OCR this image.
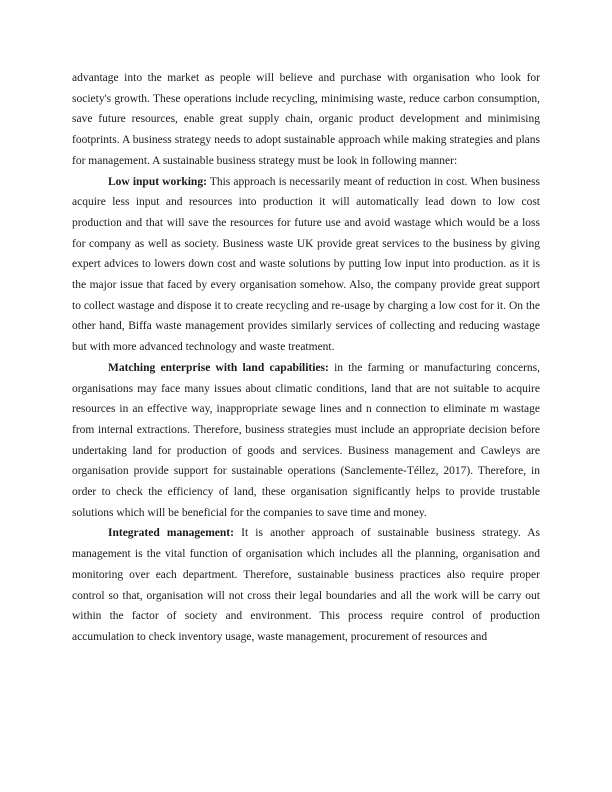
advantage into the market as people will believe and purchase with organisation who look for society's growth. These operations include recycling, minimising waste, reduce carbon consumption, save future resources, enable great supply chain, organic product development and minimising footprints. A business strategy needs to adopt sustainable approach while making strategies and plans for management. A sustainable business strategy must be look in following manner:

Low input working: This approach is necessarily meant of reduction in cost. When business acquire less input and resources into production it will automatically lead down to low cost production and that will save the resources for future use and avoid wastage which would be a loss for company as well as society. Business waste UK provide great services to the business by giving expert advices to lowers down cost and waste solutions by putting low input into production. as it is the major issue that faced by every organisation somehow. Also, the company provide great support to collect wastage and dispose it to create recycling and re-usage by charging a low cost for it. On the other hand, Biffa waste management provides similarly services of collecting and reducing wastage but with more advanced technology and waste treatment.

Matching enterprise with land capabilities: in the farming or manufacturing concerns, organisations may face many issues about climatic conditions, land that are not suitable to acquire resources in an effective way, inappropriate sewage lines and n connection to eliminate m wastage from internal extractions. Therefore, business strategies must include an appropriate decision before undertaking land for production of goods and services. Business management and Cawleys are organisation provide support for sustainable operations (Sanclemente-Téllez, 2017). Therefore, in order to check the efficiency of land, these organisation significantly helps to provide trustable solutions which will be beneficial for the companies to save time and money.

Integrated management: It is another approach of sustainable business strategy. As management is the vital function of organisation which includes all the planning, organisation and monitoring over each department. Therefore, sustainable business practices also require proper control so that, organisation will not cross their legal boundaries and all the work will be carry out within the factor of society and environment. This process require control of production accumulation to check inventory usage, waste management, procurement of resources and
